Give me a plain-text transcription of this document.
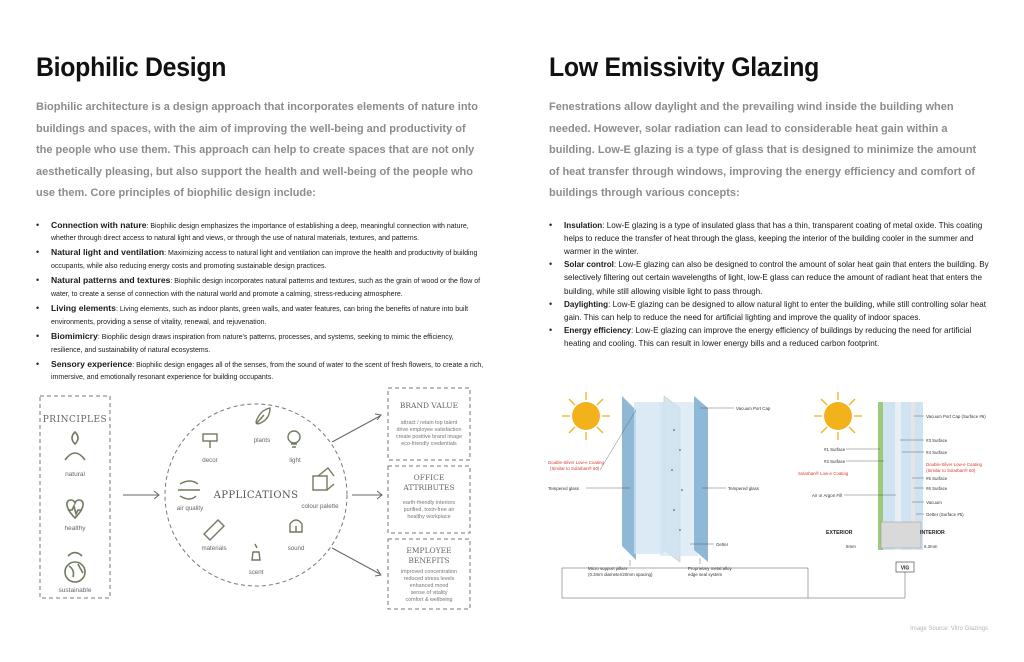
Biophilic Design

Biophilic architecture is a design approach that incorporates elements of nature into buildings and spaces, with the aim of improving the well-being and productivity of the people who use them. This approach can help to create spaces that are not only aesthetically pleasing, but also support the health and well-being of the people who use them. Core principles of biophilic design include:

• Connection with nature: Biophilic design emphasizes the importance of establishing a deep, meaningful connection with nature, whether through direct access to natural light and views, or through the use of natural materials, textures, and patterns.
• Natural light and ventilation: Maximizing access to natural light and ventilation can improve the health and productivity of building occupants, while also reducing energy costs and promoting sustainable design practices.
• Natural patterns and textures: Biophilic design incorporates natural patterns and textures, such as the grain of wood or the flow of water, to create a sense of connection with the natural world and promote a calming, stress-reducing atmosphere.
• Living elements: Living elements, such as indoor plants, green walls, and water features, can bring the benefits of nature into built environments, providing a sense of vitality, renewal, and rejuvenation.
• Biomimicry: Biophilic design draws inspiration from nature's patterns, processes, and systems, seeking to mimic the efficiency, resilience, and sustainability of natural ecosystems.
• Sensory experience: Biophilic design engages all of the senses, from the sound of water to the scent of fresh flowers, to create a rich, immersive, and emotionally resonant experience for building occupants.
Low Emissivity Glazing

Fenestrations allow daylight and the prevailing wind inside the building when needed. However, solar radiation can lead to considerable heat gain within a building. Low-E glazing is a type of glass that is designed to minimize the amount of heat transfer through windows, improving the energy efficiency and comfort of buildings through various concepts:

• Insulation: Low-E glazing is a type of insulated glass that has a thin, transparent coating of metal oxide. This coating helps to reduce the transfer of heat through the glass, keeping the interior of the building cooler in the summer and warmer in the winter.
• Solar control: Low-E glazing can also be designed to control the amount of solar heat gain that enters the building. By selectively filtering out certain wavelengths of light, low-E glass can reduce the amount of radiant heat that enters the building, while still allowing visible light to pass through.
• Daylighting: Low-E glazing can be designed to allow natural light to enter the building, while still controlling solar heat gain. This can help to reduce the need for artificial lighting and improve the quality of indoor spaces.
• Energy efficiency: Low-E glazing can improve the energy efficiency of buildings by reducing the need for artificial heating and cooling. This can result in lower energy bills and a reduced carbon footprint.
PRINCIPLES
natural
healthy
sustainable
APPLICATIONS
decor
plants
light
air quality	colour palette
materials
scent
sound
BRAND VALUE
OFFICE
ATTRIBUTES
EMPLOYEE
BENEFITS
attract / retain top talent
drive employee satisfaction
create positive brand image
eco-friendly credentials
earth-friendly interiors
purified, toxin-free air
healthy workplace
improved concentration
reduced stress levels
enhanced mood
sense of vitality
comfort & wellbeing
Vacuum Port Cap
Double-Silver Low-e Coating
(Similar to Solarban® 60)
Tempered glass	Tempered glass
Getter
Micro support pillars
(0.3mm diameter/20mm spacing)
Proprietary metal alloy
edge seal system
Vacuum Port Cap (Surface #6)
#1 Surface
#3 Surface
#2 Surface
#4 Surface
Double-Silver Low-e Coating
(Similar to Solarban® 60)
Solarban® Low-e Coating
#5 Surface
#6 Surface
Air or Argon Fill
Vacuum
Getter (Surface #5)
6mm	6.3mm
EXTERIOR	INTERIOR
VIG
Image Source: Vitro Glazings
